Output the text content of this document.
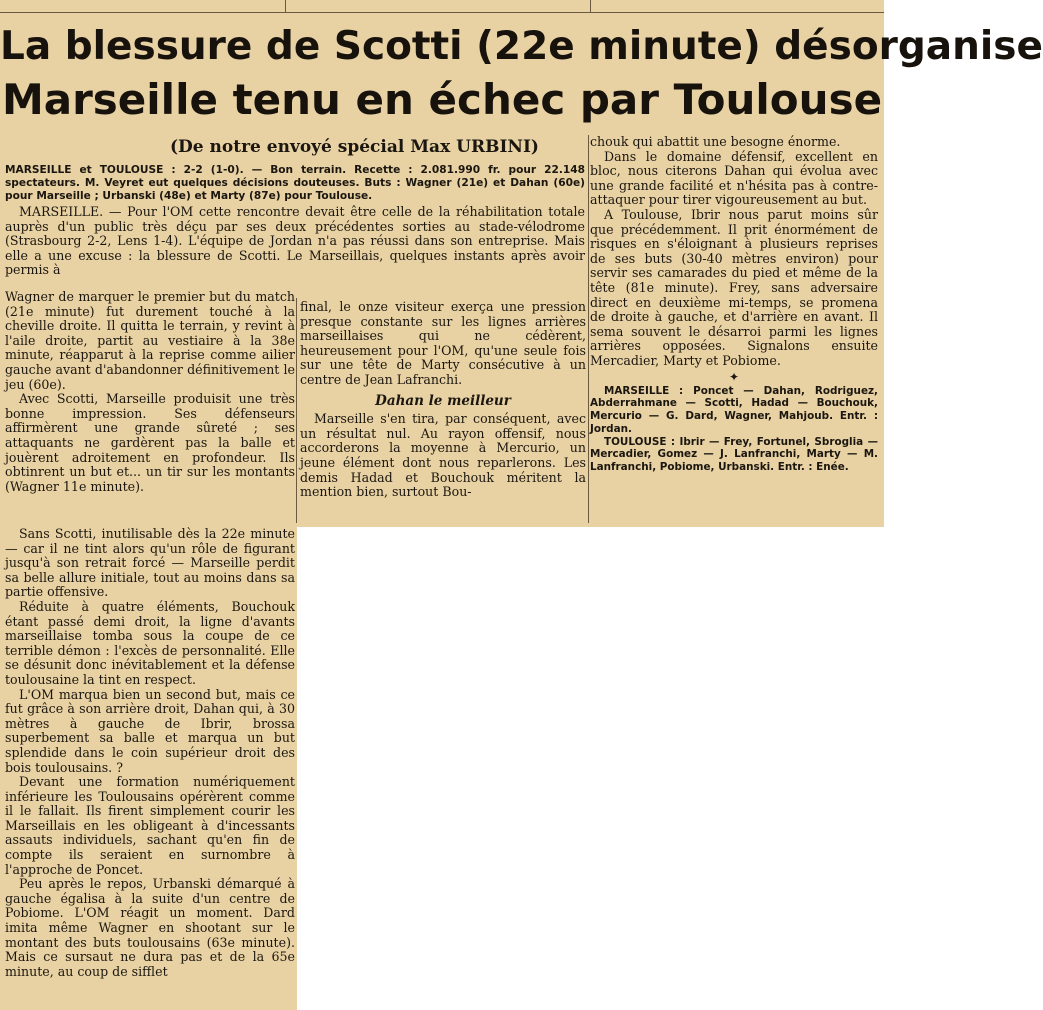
La blessure de Scotti (22e minute) désorganise
Marseille tenu en échec par Toulouse
(De notre envoyé spécial Max URBINI)

MARSEILLE et TOULOUSE : 2-2 (1-0). — Bon terrain. Recette : 2.081.990 fr. pour 22.148 spectateurs. M. Veyret eut quelques décisions douteuses. Buts : Wagner (21e) et Dahan (60e) pour Marseille ; Urbanski (48e) et Marty (87e) pour Toulouse.

MARSEILLE. — Pour l'OM cette rencontre devait être celle de la réhabilitation totale auprès d'un public très déçu par ses deux précédentes sorties au stade-vélodrome (Strasbourg 2-2, Lens 1-4). L'équipe de Jordan n'a pas réussi dans son entreprise. Mais elle a une excuse : la blessure de Scotti. Le Marseillais, quelques instants après avoir permis à

Wagner de marquer le premier but du match (21e minute) fut durement touché à la cheville droite. Il quitta le terrain, y revint à l'aile droite, partit au vestiaire à la 38e minute, réapparut à la reprise comme ailier gauche avant d'abandonner définitivement le jeu (60e).

Avec Scotti, Marseille produisit une très bonne impression. Ses défenseurs affirmèrent une grande sûreté ; ses attaquants ne gardèrent pas la balle et jouèrent adroitement en profondeur. Ils obtinrent un but et... un tir sur les montants (Wagner 11e minute).

Sans Scotti, inutilisable dès la 22e minute — car il ne tint alors qu'un rôle de figurant jusqu'à son retrait forcé — Marseille perdit sa belle allure initiale, tout au moins dans sa partie offensive.

Réduite à quatre éléments, Bouchouk étant passé demi droit, la ligne d'avants marseillaise tomba sous la coupe de ce terrible démon : l'excès de personnalité. Elle se désunit donc inévitablement et la défense toulousaine la tint en respect.

L'OM marqua bien un second but, mais ce fut grâce à son arrière droit, Dahan qui, à 30 mètres à gauche de Ibrir, brossa superbement sa balle et marqua un but splendide dans le coin supérieur droit des bois toulousains. ?

Devant une formation numériquement inférieure les Toulousains opérèrent comme il le fallait. Ils firent simplement courir les Marseillais en les obligeant à d'incessants assauts individuels, sachant qu'en fin de compte ils seraient en surnombre à l'approche de Poncet.

Peu après le repos, Urbanski démarqué à gauche égalisa à la suite d'un centre de Pobiome. L'OM réagit un moment. Dard imita même Wagner en shootant sur le montant des buts toulousains (63e minute). Mais ce sursaut ne dura pas et de la 65e minute, au coup de sifflet

final, le onze visiteur exerça une pression presque constante sur les lignes arrières marseillaises qui ne cédèrent, heureusement pour l'OM, qu'une seule fois sur une tête de Marty consécutive à un centre de Jean Lafranchi.

Dahan le meilleur

Marseille s'en tira, par conséquent, avec un résultat nul. Au rayon offensif, nous accorderons la moyenne à Mercurio, un jeune élément dont nous reparlerons. Les demis Hadad et Bouchouk méritent la mention bien, surtout Bou-

chouk qui abattit une besogne énorme.

Dans le domaine défensif, excellent en bloc, nous citerons Dahan qui évolua avec une grande facilité et n'hésita pas à contre-attaquer pour tirer vigoureusement au but.

A Toulouse, Ibrir nous parut moins sûr que précédemment. Il prit énormément de risques en s'éloignant à plusieurs reprises de ses buts (30-40 mètres environ) pour servir ses camarades du pied et même de la tête (81e minute). Frey, sans adversaire direct en deuxième mi-temps, se promena de droite à gauche, et d'arrière en avant. Il sema souvent le désarroi parmi les lignes arrières opposées. Signalons ensuite Mercadier, Marty et Pobiome.

✦

MARSEILLE : Poncet — Dahan, Rodriguez, Abderrahmane — Scotti, Hadad — Bouchouk, Mercurio — G. Dard, Wagner, Mahjoub. Entr. : Jordan.

TOULOUSE : Ibrir — Frey, Fortunel, Sbroglia — Mercadier, Gomez — J. Lanfranchi, Marty — M. Lanfranchi, Pobiome, Urbanski. Entr. : Enée.
